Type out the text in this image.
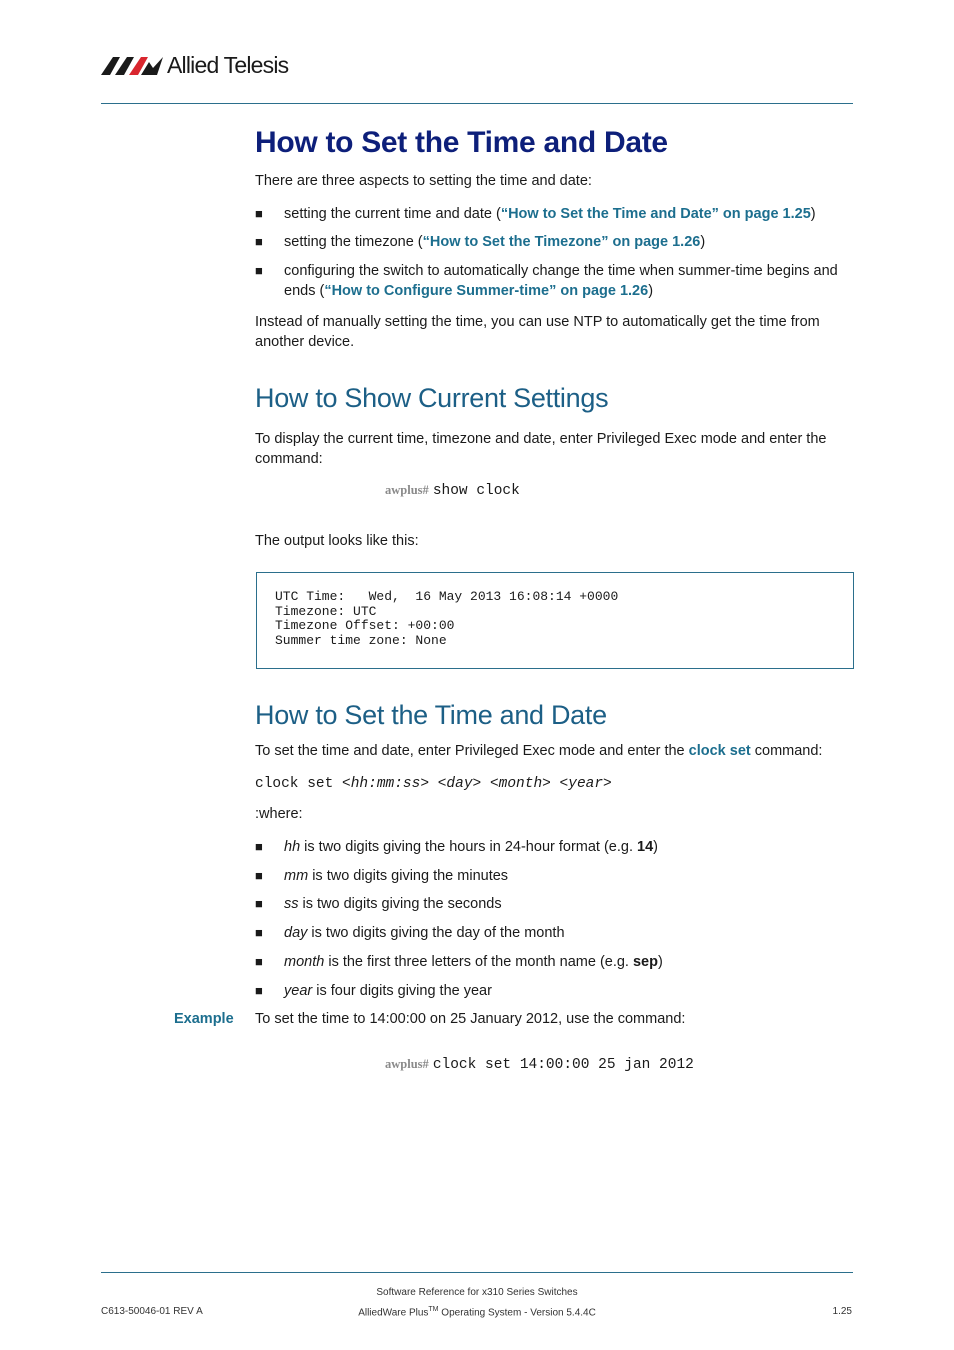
Allied Telesis
How to Set the Time and Date
There are three aspects to setting the time and date:
■ setting the current time and date (“How to Set the Time and Date” on page 1.25)
■ setting the timezone (“How to Set the Timezone” on page 1.26)
■ configuring the switch to automatically change the time when summer-time begins and ends (“How to Configure Summer-time” on page 1.26)
Instead of manually setting the time, you can use NTP to automatically get the time from another device.
How to Show Current Settings
To display the current time, timezone and date, enter Privileged Exec mode and enter the command:
awplus# show clock
The output looks like this:
UTC Time:   Wed,  16 May 2013 16:08:14 +0000
Timezone: UTC
Timezone Offset: +00:00
Summer time zone: None
How to Set the Time and Date
To set the time and date, enter Privileged Exec mode and enter the clock set command:
clock set <hh:mm:ss> <day> <month> <year>
:where:
■ hh is two digits giving the hours in 24-hour format (e.g. 14)
■ mm is two digits giving the minutes
■ ss is two digits giving the seconds
■ day is two digits giving the day of the month
■ month is the first three letters of the month name (e.g. sep)
■ year is four digits giving the year
Example To set the time to 14:00:00 on 25 January 2012, use the command:
awplus# clock set 14:00:00 25 jan 2012
Software Reference for x310 Series Switches
C613-50046-01 REV A	AlliedWare Plus™ Operating System - Version 5.4.4C	1.25
